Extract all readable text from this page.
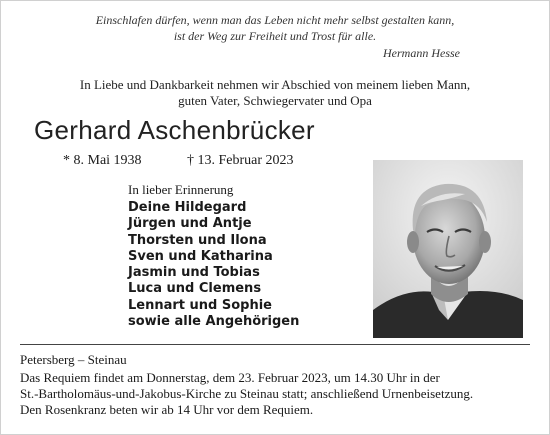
Einschlafen dürfen, wenn man das Leben nicht mehr selbst gestalten kann,
ist der Weg zur Freiheit und Trost für alle.
Hermann Hesse
In Liebe und Dankbarkeit nehmen wir Abschied von meinem lieben Mann,
guten Vater, Schwiegervater und Opa
Gerhard Aschenbrücker
* 8. Mai 1938	† 13. Februar 2023
In lieber Erinnerung
Deine Hildegard
Jürgen und Antje
Thorsten und Ilona
Sven und Katharina
Jasmin und Tobias
Luca und Clemens
Lennart und Sophie
sowie alle Angehörigen
Petersberg – Steinau
Das Requiem findet am Donnerstag, dem 23. Februar 2023, um 14.30 Uhr in der
St.-Bartholomäus-und-Jakobus-Kirche zu Steinau statt; anschließend Urnenbeisetzung.
Den Rosenkranz beten wir ab 14 Uhr vor dem Requiem.
